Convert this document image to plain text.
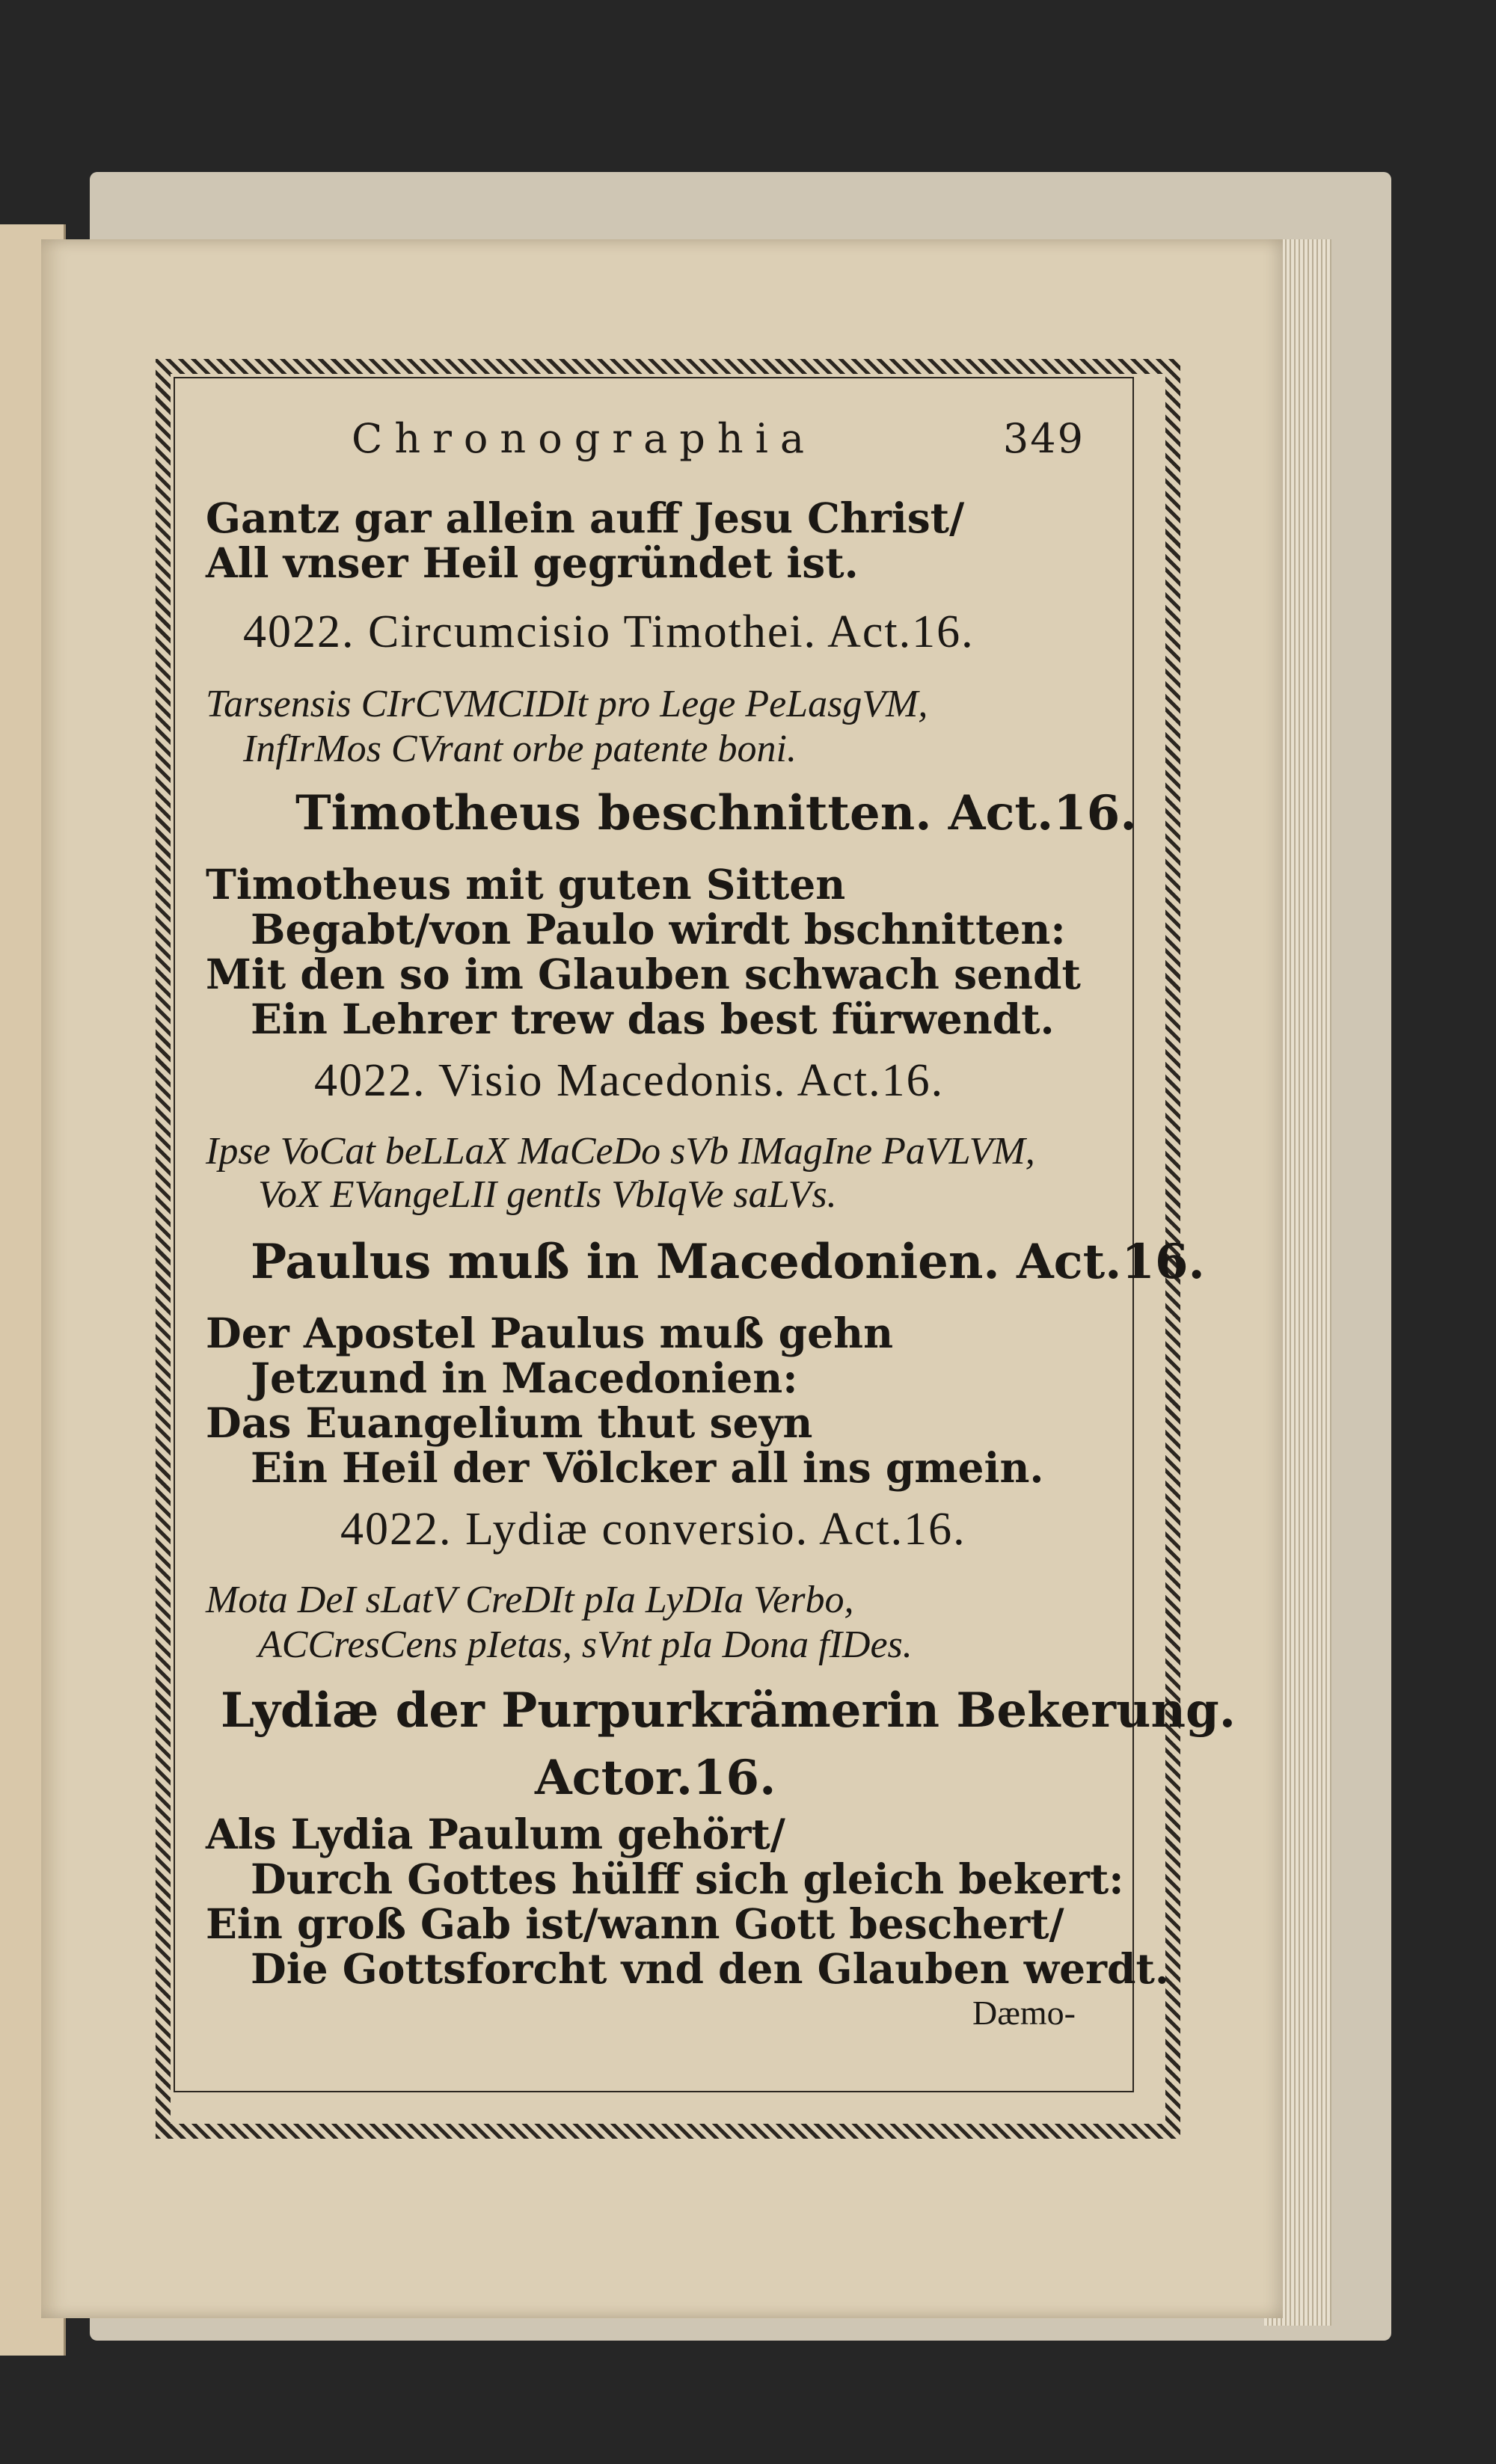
Chronographia	349
Gantz gar allein auff Jesu Christ/
All vnser Heil gegründet ist.
4022. Circumcisio Timothei. Act.16.
Tarsensis CIrCVMCIDIt pro Lege PeLasgVM,
InfIrMos CVrant orbe patente boni.
Timotheus beschnitten. Act.16.
Timotheus mit guten Sitten
Begabt/von Paulo wirdt bschnitten:
Mit den so im Glauben schwach sendt
Ein Lehrer trew das best fürwendt.
4022. Visio Macedonis. Act.16.
Ipse VoCat beLLaX MaCeDo sVb IMagIne PaVLVM,
VoX EVangeLII gentIs VbIqVe saLVs.
Paulus muß in Macedonien. Act.16.
Der Apostel Paulus muß gehn
Jetzund in Macedonien:
Das Euangelium thut seyn
Ein Heil der Völcker all ins gmein.
4022. Lydiæ conversio. Act.16.
Mota DeI sLatV CreDIt pIa LyDIa Verbo,
ACCresCens pIetas, sVnt pIa Dona fIDes.
Lydiæ der Purpurkrämerin Bekerung.
Actor.16.
Als Lydia Paulum gehört/
Durch Gottes hülff sich gleich bekert:
Ein groß Gab ist/wann Gott beschert/
Die Gottsforcht vnd den Glauben werdt.
Dæmo-
